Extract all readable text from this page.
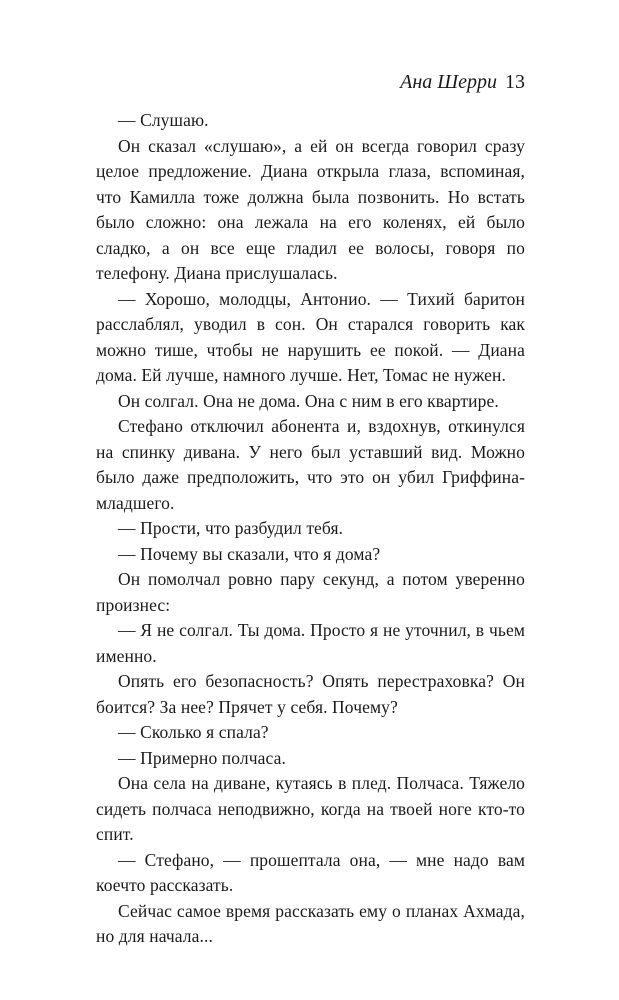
Ана Шерри 13

— Слушаю.

Он сказал «слушаю», а ей он всегда говорил сразу целое предложение. Диана открыла глаза, вспоминая, что Камилла тоже должна была позвонить. Но встать было сложно: она лежала на его коленях, ей было сладко, а он все еще гладил ее волосы, говоря по телефону. Диана прислушалась.

— Хорошо, молодцы, Антонио. — Тихий баритон расслаблял, уводил в сон. Он старался говорить как можно тише, чтобы не нарушить ее покой. — Диана дома. Ей лучше, намного лучше. Нет, Томас не нужен.

Он солгал. Она не дома. Она с ним в его квартире.

Стефано отключил абонента и, вздохнув, откинулся на спинку дивана. У него был уставший вид. Можно было даже предположить, что это он убил Гриффина-младшего.

— Прости, что разбудил тебя.

— Почему вы сказали, что я дома?

Он помолчал ровно пару секунд, а потом уверенно произнес:

— Я не солгал. Ты дома. Просто я не уточнил, в чьем именно.

Опять его безопасность? Опять перестраховка? Он боится? За нее? Прячет у себя. Почему?

— Сколько я спала?

— Примерно полчаса.

Она села на диване, кутаясь в плед. Полчаса. Тяжело сидеть полчаса неподвижно, когда на твоей ноге кто-то спит.

— Стефано, — прошептала она, — мне надо вам коечто рассказать.

Сейчас самое время рассказать ему о планах Ахмада, но для начала...
